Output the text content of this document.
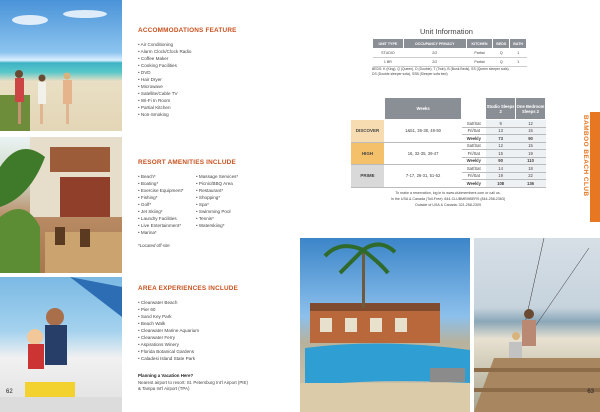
62
ACCOMMODATIONS FEATURE
• Air Conditioning
• Alarm Clock/Clock Radio
• Coffee Maker
• Cooking Facilities
• DVD
• Hair Dryer
• Microwave
• Satellite/Cable TV
• Wi-Fi In Room
• Partial Kitchen
• Non-Smoking
RESORT AMENITIES INCLUDE
• Beach*
• Boating*
• Exercise Equipment*
• Fishing*
• Golf*
• Jet Skiing*
• Laundry Facilities
• Live Entertainment*
• Marina*
• Massage Services*
• Picnic/BBQ Area
• Restaurant*
• Shopping*
• Spa*
• Swimming Pool
• Tennis*
• Waterskiing*
*Located off-site
AREA EXPERIENCES INCLUDE
• Clearwater Beach
• Pier 60
• Sand Key Park
• Beach Walk
• Clearwater Marine Aquarium
• Clearwater Ferry
• Aspirations Winery
• Florida Botanical Gardens
• Caladesi Island State Park
Planning a Vacation Here?
Nearest airport to resort: St. Petersburg Int'l Airport (PIE)
& Tampa Int'l Airport (TPA)
Unit Information
UNIT TYPE	OCCUPANCY PRIVACY	KITCHEN	BEDS	BATH
STUDIO	2/2	Partial	Q	1
1 BR	2/2	Partial	Q	1
BEDS: K (King), Q (Queen), D (Double), T (Twin), B (Bunk Beds), SS (Queen sleeper sofa),
DS (Double sleeper sofa), SSB (Sleeper sofa bed)
	Weeks		Studio Sleeps 2	One Bedroom Sleeps 2
DISCOVER	1&51, 36-38, 48-50	Sat/Sat	9	12
		Fri/Sat	13	15
		Weekly	73	90
HIGH	16, 32-35, 39-47	Sat/Sat	12	15
		Fri/Sat	15	19
		Weekly	90	110
PRIME	7-17, 26-31, 51-52	Sat/Sat	14	18
		Fri/Sat	19	22
		Weekly	108	136
To make a reservation, log in to www.clubmembers.com or call us.
In the USA & Canada (Toll-Free): 844-CLUBMEMBERS (844-258-2363)
Outside of USA & Canada: 321-258-2309
BAMBOO BEACH CLUB
63
